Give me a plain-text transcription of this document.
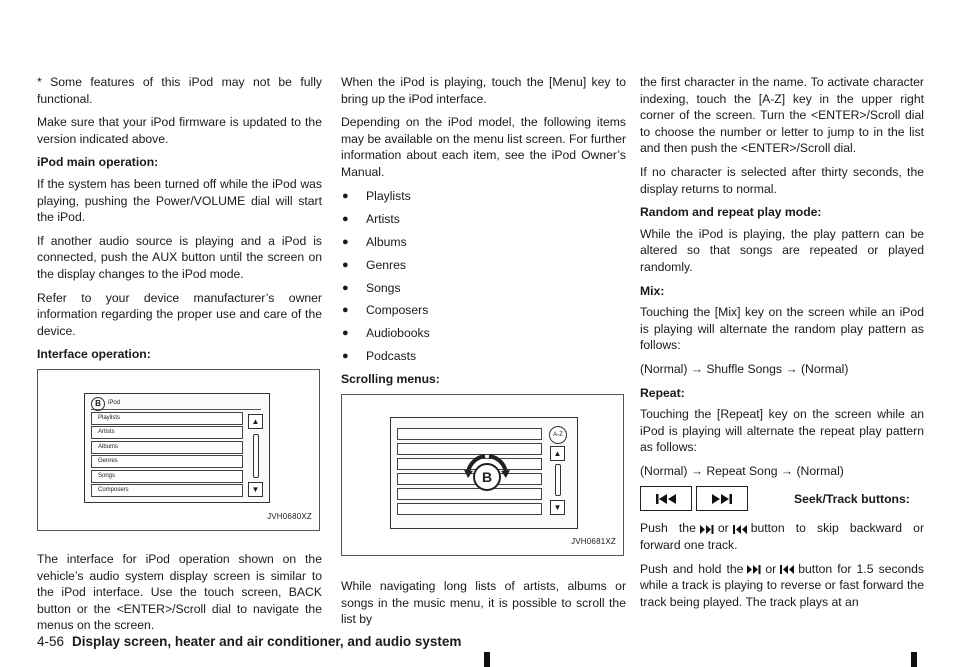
* Some features of this iPod may not be fully functional.

Make sure that your iPod firmware is updated to the version indicated above.

iPod main operation:

If the system has been turned off while the iPod was playing, pushing the Power/VOLUME dial will start the iPod.

If another audio source is playing and a iPod is connected, push the AUX button until the screen on the display changes to the iPod mode.

Refer to your device manufacturer’s owner information regarding the proper use and care of the device.

Interface operation:

B iPod
Playlists
Artists
Albums
Genres
Songs
Composers
▲
▼
JVH0680XZ

The interface for iPod operation shown on the vehicle’s audio system display screen is similar to the iPod interface. Use the touch screen, BACK button or the <ENTER>/Scroll dial to navigate the menus on the screen.

When the iPod is playing, touch the [Menu] key to bring up the iPod interface.

Depending on the iPod model, the following items may be available on the menu list screen. For further information about each item, see the iPod Owner’s Manual.

● Playlists
● Artists
● Albums
● Genres
● Songs
● Composers
● Audiobooks
● Podcasts

Scrolling menus:

A-Z
▲
▼
B
JVH0681XZ

While navigating long lists of artists, albums or songs in the music menu, it is possible to scroll the list by

the first character in the name. To activate character indexing, touch the [A-Z] key in the upper right corner of the screen. Turn the <ENTER>/Scroll dial to choose the number or letter to jump to in the list and then push the <ENTER>/Scroll dial.

If no character is selected after thirty seconds, the display returns to normal.

Random and repeat play mode:

While the iPod is playing, the play pattern can be altered so that songs are repeated or played randomly.

Mix:

Touching the [Mix] key on the screen while an iPod is playing will alternate the random play pattern as follows:

(Normal) → Shuffle Songs → (Normal)

Repeat:

Touching the [Repeat] key on the screen while an iPod is playing will alternate the repeat play pattern as follows:

(Normal) → Repeat Song → (Normal)

Seek/Track buttons:

Push the or button to skip backward or forward one track.

Push and hold the or button for 1.5 seconds while a track is playing to reverse or fast forward the track being played. The track plays at an

4-56 Display screen, heater and air conditioner, and audio system
